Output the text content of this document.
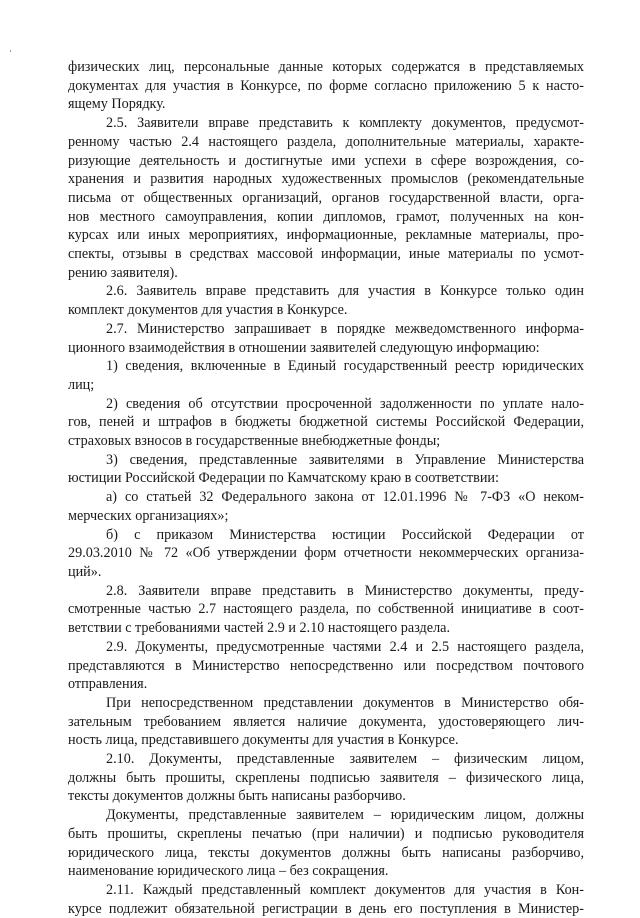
физических лиц, персональные данные которых содержатся в представляемых
документах для участия в Конкурсе, по форме согласно приложению 5 к насто-
ящему Порядку.
2.5. Заявители вправе представить к комплекту документов, предусмот-
ренному частью 2.4 настоящего раздела, дополнительные материалы, характе-
ризующие деятельность и достигнутые ими успехи в сфере возрождения, со-
хранения и развития народных художественных промыслов (рекомендательные
письма от общественных организаций, органов государственной власти, орга-
нов местного самоуправления, копии дипломов, грамот, полученных на кон-
курсах или иных мероприятиях, информационные, рекламные материалы, про-
спекты, отзывы в средствах массовой информации, иные материалы по усмот-
рению заявителя).
2.6. Заявитель вправе представить для участия в Конкурсе только один
комплект документов для участия в Конкурсе.
2.7. Министерство запрашивает в порядке межведомственного информа-
ционного взаимодействия в отношении заявителей следующую информацию:
1) сведения, включенные в Единый государственный реестр юридических
лиц;
2) сведения об отсутствии просроченной задолженности по уплате нало-
гов, пеней и штрафов в бюджеты бюджетной системы Российской Федерации,
страховых взносов в государственные внебюджетные фонды;
3) сведения, представленные заявителями в Управление Министерства
юстиции Российской Федерации по Камчатскому краю в соответствии:
а) со статьей 32 Федерального закона от 12.01.1996 № 7-ФЗ «О неком-
мерческих организациях»;
б) с приказом Министерства юстиции Российской Федерации от
29.03.2010 № 72 «Об утверждении форм отчетности некоммерческих организа-
ций».
2.8. Заявители вправе представить в Министерство документы, преду-
смотренные частью 2.7 настоящего раздела, по собственной инициативе в соот-
ветствии с требованиями частей 2.9 и 2.10 настоящего раздела.
2.9. Документы, предусмотренные частями 2.4 и 2.5 настоящего раздела,
представляются в Министерство непосредственно или посредством почтового
отправления.
При непосредственном представлении документов в Министерство обя-
зательным требованием является наличие документа, удостоверяющего лич-
ность лица, представившего документы для участия в Конкурсе.
2.10. Документы, представленные заявителем – физическим лицом,
должны быть прошиты, скреплены подписью заявителя – физического лица,
тексты документов должны быть написаны разборчиво.
Документы, представленные заявителем – юридическим лицом, должны
быть прошиты, скреплены печатью (при наличии) и подписью руководителя
юридического лица, тексты документов должны быть написаны разборчиво,
наименование юридического лица – без сокращения.
2.11. Каждый представленный комплект документов для участия в Кон-
курсе подлежит обязательной регистрации в день его поступления в Министер-
